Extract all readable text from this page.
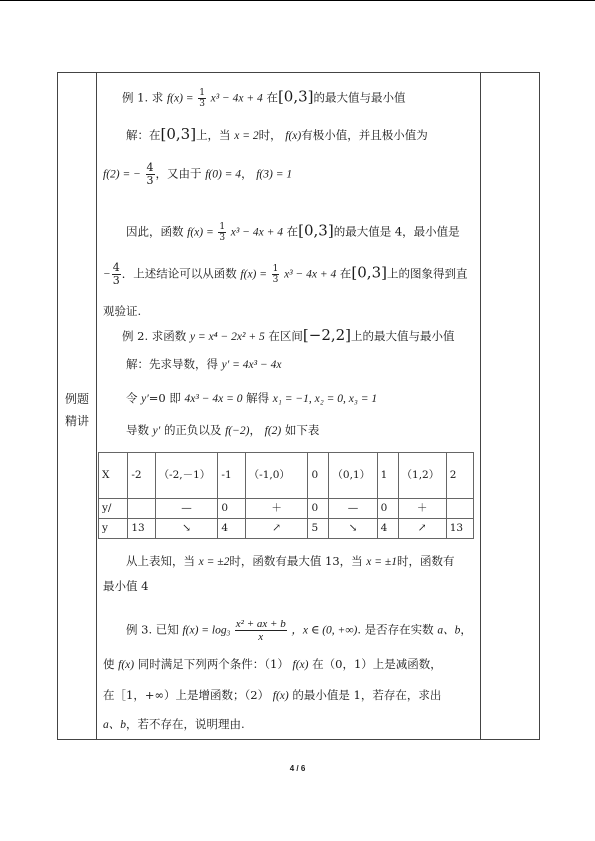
例题精讲
例 1. 求 $f(x) = \frac{1}{3} x^3 - 4x + 4$ 在[0,3]的最大值与最小值
解：在[0,3]上，当 x = 2时， f(x)有极小值，并且极小值为
f(2) = − $\frac{4}{3}$ ，又由于 f(0) = 4， f(3) = 1
因此，函数 $f(x) = \frac{1}{3} x^3 - 4x + 4$ 在[0,3]的最大值是 4，最小值是
− $\frac{4}{3}$ ．上述结论可以从函数 $f(x) = \frac{1}{3} x^3 - 4x + 4$ 在[0,3]上的图象得到直
观验证.
例 2. 求函数 y = x⁴ − 2x² + 5 在区间[−2,2]上的最大值与最小值
解：先求导数，得 y′ = 4x³ − 4x
令 y′=0 即 4x³ − 4x = 0 解得 x₁ = −1, x₂ = 0, x₃ = 1
导数 y′ 的正负以及 f(−2)， f(2) 如下表
X	-2	（-2,－1）	-1	（-1,0）	0	（0,1）	1	（1,2）	2
y/		—	0	＋	0	—	0	＋	
y	13	↘	4	↗	5	↘	4	↗	13
从上表知，当 x = ±2时，函数有最大值 13，当 x = ±1时，函数有
最小值 4
例 3. 已知 $f(x) = \log_3 \frac{\text{x² + ax + b}}{x}$ ，x ∈ (0, +∞). 是否存在实数 a、b，
使 f(x) 同时满足下列两个条件：（1） f(x) 在（0，1）上是减函数，
在［1，+∞）上是增函数；（2） f(x) 的最小值是 1，若存在，求出
a、b，若不存在，说明理由.
4 / 6
